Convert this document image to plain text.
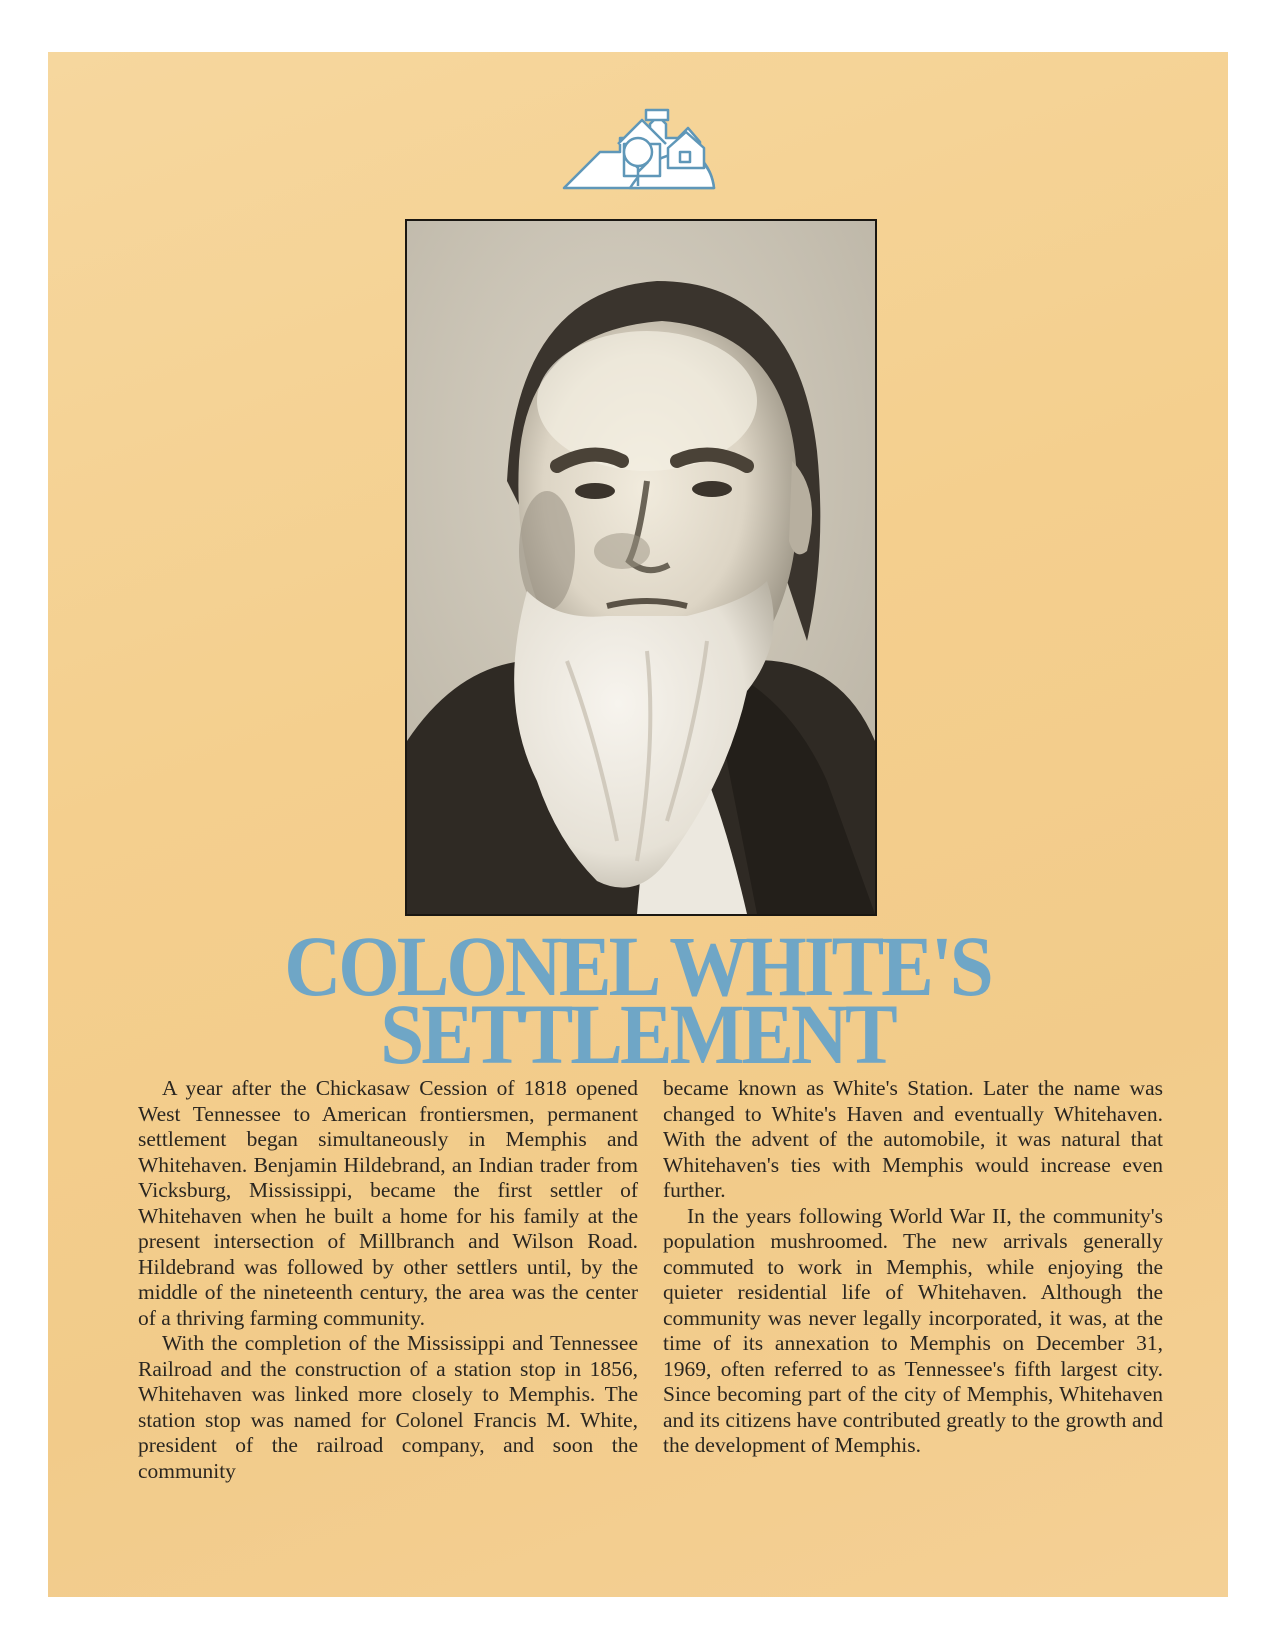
COLONEL WHITE'S
SETTLEMENT

A year after the Chickasaw Cession of 1818 opened West Tennessee to American frontiersmen, permanent settlement began simultaneously in Memphis and Whitehaven. Benjamin Hildebrand, an Indian trader from Vicksburg, Mississippi, became the first settler of Whitehaven when he built a home for his family at the present intersection of Millbranch and Wilson Road. Hildebrand was followed by other settlers until, by the middle of the nineteenth century, the area was the center of a thriving farming community.

With the completion of the Mississippi and Tennessee Railroad and the construction of a station stop in 1856, Whitehaven was linked more closely to Memphis. The station stop was named for Colonel Francis M. White, president of the railroad company, and soon the community

became known as White's Station. Later the name was changed to White's Haven and eventually Whitehaven. With the advent of the automobile, it was natural that Whitehaven's ties with Memphis would increase even further.

In the years following World War II, the community's population mushroomed. The new arrivals generally commuted to work in Memphis, while enjoying the quieter residential life of Whitehaven. Although the community was never legally incorporated, it was, at the time of its annexation to Memphis on December 31, 1969, often referred to as Tennessee's fifth largest city. Since becoming part of the city of Memphis, Whitehaven and its citizens have contributed greatly to the growth and the development of Memphis.
